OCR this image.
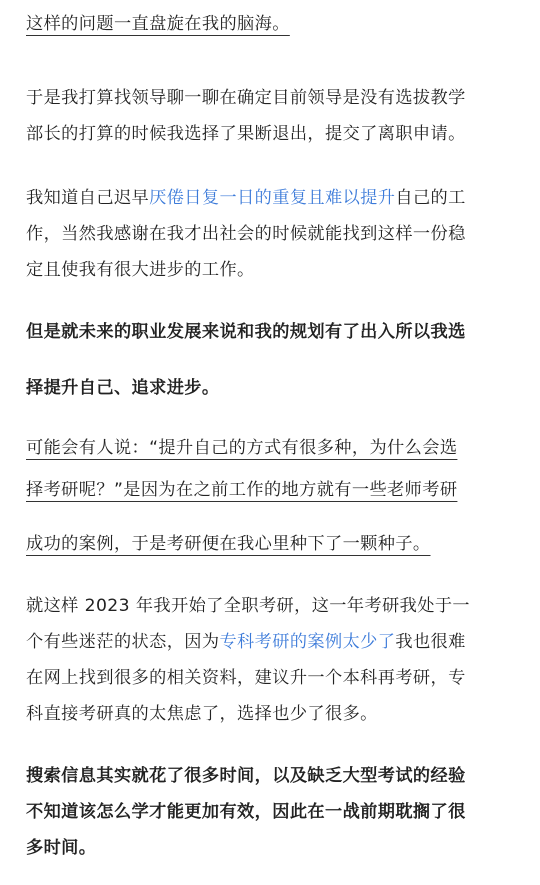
这样的问题一直盘旋在我的脑海。
于是我打算找领导聊一聊在确定目前领导是没有选拔教学
部长的打算的时候我选择了果断退出，提交了离职申请。
我知道自己迟早厌倦日复一日的重复且难以提升自己的工
作，当然我感谢在我才出社会的时候就能找到这样一份稳
定且使我有很大进步的工作。
但是就未来的职业发展来说和我的规划有了出入所以我选
择提升自己、追求进步。
可能会有人说：“提升自己的方式有很多种，为什么会选
择考研呢？”是因为在之前工作的地方就有一些老师考研
成功的案例，于是考研便在我心里种下了一颗种子。
就这样 2023 年我开始了全职考研，这一年考研我处于一
个有些迷茫的状态，因为专科考研的案例太少了我也很难
在网上找到很多的相关资料，建议升一个本科再考研，专
科直接考研真的太焦虑了，选择也少了很多。
搜索信息其实就花了很多时间，以及缺乏大型考试的经验
不知道该怎么学才能更加有效，因此在一战前期耽搁了很
多时间。
